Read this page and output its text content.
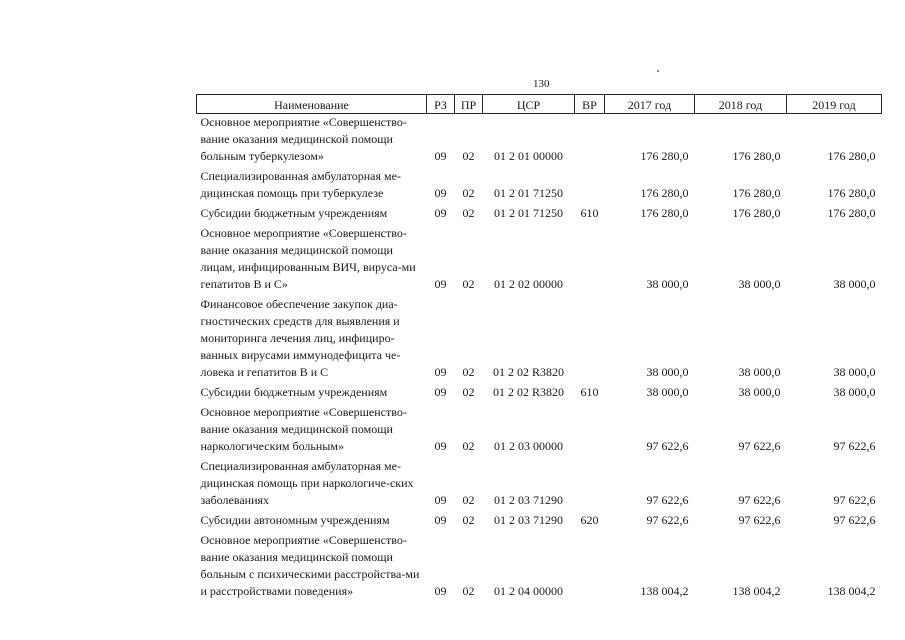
130
Наименование	РЗ	ПР	ЦСР	ВР	2017 год	2018 год	2019 год
Основное мероприятие «Совершенство-вание оказания медицинской помощи больным туберкулезом»	09	02	01 2 01 00000		176 280,0	176 280,0	176 280,0
Специализированная амбулаторная ме-дицинская помощь при туберкулезе	09	02	01 2 01 71250		176 280,0	176 280,0	176 280,0
Субсидии бюджетным учреждениям	09	02	01 2 01 71250	610	176 280,0	176 280,0	176 280,0
Основное мероприятие «Совершенство-вание оказания медицинской помощи лицам, инфицированным ВИЧ, вируса-ми гепатитов В и С»	09	02	01 2 02 00000		38 000,0	38 000,0	38 000,0
Финансовое обеспечение закупок диа-гностических средств для выявления и мониторинга лечения лиц, инфициро-ванных вирусами иммунодефицита че-ловека и гепатитов В и С	09	02	01 2 02 R3820		38 000,0	38 000,0	38 000,0
Субсидии бюджетным учреждениям	09	02	01 2 02 R3820	610	38 000,0	38 000,0	38 000,0
Основное мероприятие «Совершенство-вание оказания медицинской помощи наркологическим больным»	09	02	01 2 03 00000		97 622,6	97 622,6	97 622,6
Специализированная амбулаторная ме-дицинская помощь при наркологиче-ских заболеваниях	09	02	01 2 03 71290		97 622,6	97 622,6	97 622,6
Субсидии автономным учреждениям	09	02	01 2 03 71290	620	97 622,6	97 622,6	97 622,6
Основное мероприятие «Совершенство-вание оказания медицинской помощи больным с психическими расстройства-ми и расстройствами поведения»	09	02	01 2 04 00000		138 004,2	138 004,2	138 004,2
